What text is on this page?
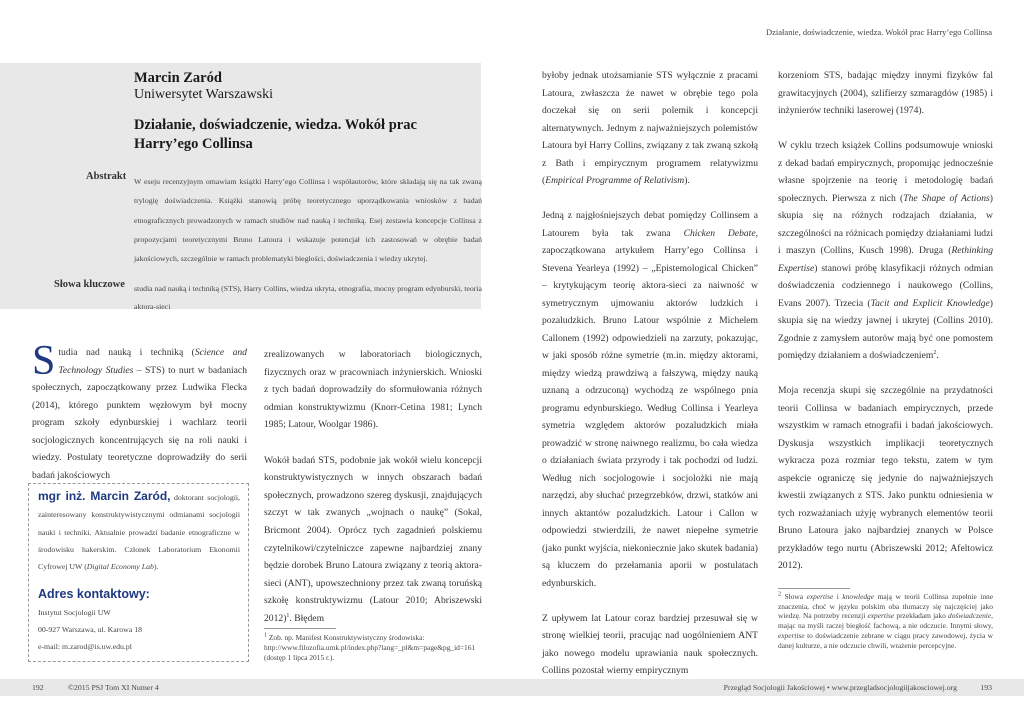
Działanie, doświadczenie, wiedza. Wokół prac Harry’ego Collinsa
Marcin Zaród
Uniwersytet Warszawski
Działanie, doświadczenie, wiedza. Wokół prac Harry’ego Collinsa
Abstrakt W eseju recenzyjnym omawiam książki Harry’ego Collinsa i współautorów, które składają się na tak zwaną trylogię doświadczenia. Książki stanowią próbę teoretycznego uporządkowania wniosków z badań etnograficznych prowadzonych w ramach studiów nad nauką i techniką. Esej zestawia koncepcje Collinsa z propozycjami teoretycznymi Bruno Latoura i wskazuje potencjał ich zastosowań w obrębie badań jakościowych, szczególnie w ramach problematyki biegłości, doświadczenia i wiedzy ukrytej.
Słowa kluczowe studia nad nauką i techniką (STS), Harry Collins, wiedza ukryta, etnografia, mocny program edynburski, teoria aktora-sieci

Studia nad nauką i techniką (Science and Technology Studies – STS) to nurt w badaniach społecznych, zapoczątkowany przez Ludwika Flecka (2014), którego punktem węzłowym był mocny program szkoły edynburskiej i wachlarz teorii socjologicznych koncentrujących się na roli nauki i wiedzy. Postulaty teoretyczne doprowadziły do serii badań jakościowych

mgr inż. Marcin Zaród, doktorant socjologii, zainteresowany konstruktywistycznymi odmianami socjologii nauki i techniki. Aktualnie prowadzi badanie etnograficzne w środowisku hakerskim. Członek Laboratorium Ekonomii Cyfrowej UW (Digital Economy Lab).
Adres kontaktowy:
Instytut Socjologii UW
00-927 Warszawa, ul. Karowa 18
e-mail: m.zarod@is.uw.edu.pl

zrealizowanych w laboratoriach biologicznych, fizycznych oraz w pracowniach inżynierskich. Wnioski z tych badań doprowadziły do sformułowania różnych odmian konstruktywizmu (Knorr-Cetina 1981; Lynch 1985; Latour, Woolgar 1986).

Wokół badań STS, podobnie jak wokół wielu koncepcji konstruktywistycznych w innych obszarach badań społecznych, prowadzono szereg dyskusji, znajdujących szczyt w tak zwanych „wojnach o naukę” (Sokal, Bricmont 2004). Oprócz tych zagadnień polskiemu czytelnikowi/czytelniczce zapewne najbardziej znany będzie dorobek Bruno Latoura związany z teorią aktora-sieci (ANT), upowszechniony przez tak zwaną toruńską szkołę konstruktywizmu (Latour 2010; Abriszewski 2012)$^1$. Błędem

$^1$ Zob. np. Manifest Konstruktywistyczny środowiska: http://www.filozofia.umk.pl/index.php?lang=_pl&m=page&pg_id=161 (dostęp 1 lipca 2015 r.).

byłoby jednak utożsamianie STS wyłącznie z pracami Latoura, zwłaszcza że nawet w obrębie tego pola doczekał się on serii polemik i koncepcji alternatywnych. Jednym z najważniejszych polemistów Latoura był Harry Collins, związany z tak zwaną szkołą z Bath i empirycznym programem relatywizmu (Empirical Programme of Relativism).

Jedną z najgłośniejszych debat pomiędzy Collinsem a Latourem była tak zwana Chicken Debate, zapoczątkowana artykułem Harry’ego Collinsa i Stevena Yearleya (1992) – „Epistemological Chicken” – krytykującym teorię aktora-sieci za naiwność w symetrycznym ujmowaniu aktorów ludzkich i pozaludzkich. Bruno Latour wspólnie z Michelem Callonem (1992) odpowiedzieli na zarzuty, pokazując, w jaki sposób różne symetrie (m.in. między aktorami, między wiedzą prawdziwą a fałszywą, między nauką uznaną a odrzuconą) wychodzą ze wspólnego pnia programu edynburskiego. Według Collinsa i Yearleya symetria względem aktorów pozaludzkich miała prowadzić w stronę naiwnego realizmu, bo cała wiedza o działaniach świata przyrody i tak pochodzi od ludzi. Według nich socjologowie i socjolożki nie mają narzędzi, aby słuchać przegrzebków, drzwi, statków ani innych aktantów pozaludzkich. Latour i Callon w odpowiedzi stwierdzili, że nawet niepełne symetrie (jako punkt wyjścia, niekoniecznie jako skutek badania) są kluczem do przełamania aporii w postulatach edynburskich.

Z upływem lat Latour coraz bardziej przesuwał się w stronę wielkiej teorii, pracując nad uogólnieniem ANT jako nowego modelu uprawiania nauk społecznych. Collins pozostał wierny empirycznym

korzeniom STS, badając między innymi fizyków fal grawitacyjnych (2004), szlifierzy szmaragdów (1985) i inżynierów techniki laserowej (1974).

W cyklu trzech książek Collins podsumowuje wnioski z dekad badań empirycznych, proponując jednocześnie własne spojrzenie na teorię i metodologię badań społecznych. Pierwsza z nich (The Shape of Actions) skupia się na różnych rodzajach działania, w szczególności na różnicach pomiędzy działaniami ludzi i maszyn (Collins, Kusch 1998). Druga (Rethinking Expertise) stanowi próbę klasyfikacji różnych odmian doświadczenia codziennego i naukowego (Collins, Evans 2007). Trzecia (Tacit and Explicit Knowledge) skupia się na wiedzy jawnej i ukrytej (Collins 2010). Zgodnie z zamysłem autorów mają być one pomostem pomiędzy działaniem a doświadczeniem$^2$.

Moja recenzja skupi się szczególnie na przydatności teorii Collinsa w badaniach empirycznych, przede wszystkim w ramach etnografii i badań jakościowych. Dyskusja wszystkich implikacji teoretycznych wykracza poza rozmiar tego tekstu, zatem w tym aspekcie ograniczę się jedynie do najważniejszych kwestii związanych z STS. Jako punktu odniesienia w tych rozważaniach użyję wybranych elementów teorii Bruno Latoura jako najbardziej znanych w Polsce przykładów tego nurtu (Abriszewski 2012; Afeltowicz 2012).

$^2$ Słowa expertise i knowledge mają w teorii Collinsa zupełnie inne znaczenia, choć w języku polskim oba tłumaczy się najczęściej jako wiedzę. Na potrzeby recenzji expertise przekładam jako doświadczenie, mając na myśli raczej biegłość fachową, a nie odczucie. Innymi słowy, expertise to doświadczenie zebrane w ciągu pracy zawodowej, życia w danej kulturze, a nie odczucie chwili, wrażenie percepcyjne.
192	©2015 PSJ Tom XI Numer 4	Przegląd Socjologii Jakościowej • www.przegladsocjologiijakosciowej.org	193
